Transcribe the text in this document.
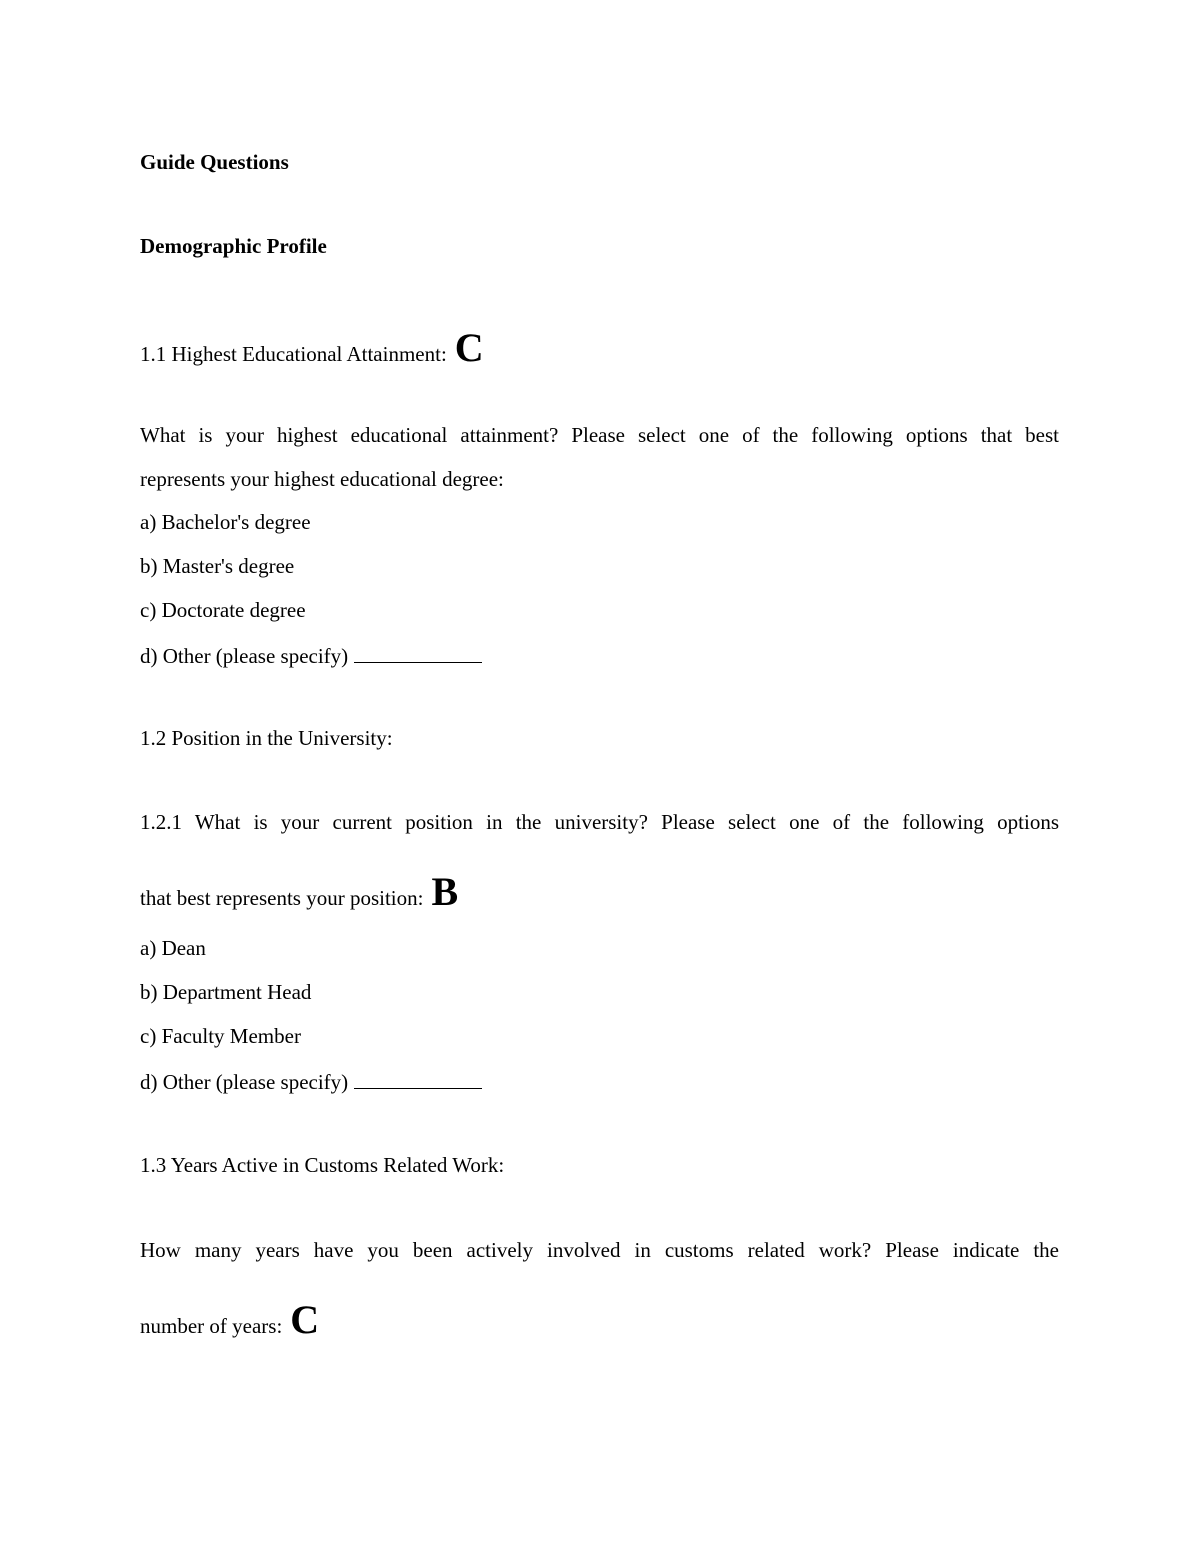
Guide Questions
Demographic Profile
1.1 Highest Educational Attainment: C
What is your highest educational attainment? Please select one of the following options that best
represents your highest educational degree:
a) Bachelor's degree
b) Master's degree
c) Doctorate degree
d) Other (please specify)
1.2 Position in the University:
1.2.1 What is your current position in the university? Please select one of the following options
that best represents your position: B
a) Dean
b) Department Head
c) Faculty Member
d) Other (please specify)
1.3 Years Active in Customs Related Work:
How many years have you been actively involved in customs related work? Please indicate the
number of years: C
